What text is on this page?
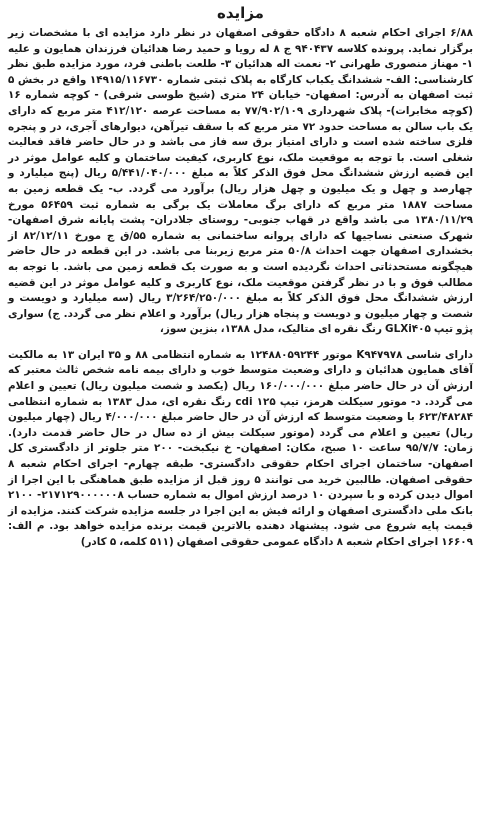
مزایده

۶/۸۸ اجرای احکام شعبه ۸ دادگاه حقوقی اصفهان در نظر دارد مزایده ای با مشخصات زیر برگزار نماید. پرونده کلاسه ۹۴۰۴۳۷ ج ۸ له رویا و حمید رضا هدائیان فرزندان همایون و علیه ۱- مهناز منصوری طهرانی ۲- نعمت اله هدائیان ۳- طلعت باطنی فرد، مورد مزایده طبق نظر کارشناسی: الف- ششدانگ یکباب کارگاه به پلاک ثبتی شماره ۱۴۹۱۵/۱۱۶۷۳۰ واقع در بخش ۵ ثبت اصفهان به آدرس: اصفهان- خیابان ۲۴ متری (شیخ طوسی شرقی) - کوچه شماره ۱۶ (کوچه مخابرات)- پلاک شهرداری ۷۷/۹۰۲/۱۰۹ به مساحت عرصه ۴۱۲/۱۲۰ متر مربع که دارای یک باب سالن به مساحت حدود ۷۲ متر مربع که با سقف تیرآهن، دیوارهای آجری، در و پنجره فلزی ساخته شده است و دارای امتیاز برق سه فاز می باشد و در حال حاضر فاقد فعالیت شغلی است. با توجه به موقعیت ملک، نوع کاربری، کیفیت ساختمان و کلیه عوامل موثر در این قضیه ارزش ششدانگ محل فوق الذکر کلاً به مبلغ ۵/۴۴۱/۰۴۰/۰۰۰ ریال (پنج میلیارد و چهارصد و چهل و یک میلیون و چهل هزار ریال) برآورد می گردد. ب- یک قطعه زمین به مساحت ۱۸۸۷ متر مربع که دارای برگ معاملات یک برگی به شماره ثبت ۵۶۴۵۹ مورخ ۱۳۸۰/۱۱/۲۹ می باشد واقع در قهاب جنوبی- روستای جلادران- پشت پایانه شرق اصفهان- شهرک صنعتی نساجیها که دارای پروانه ساختمانی به شماره ۵۵/ق ج مورخ ۸۲/۱۲/۱۱ از بخشداری اصفهان جهت احداث ۵۰/۸ متر مربع زیربنا می باشد. در این قطعه در حال حاضر هیچگونه مستحدثاتی احداث نگردیده است و به صورت یک قطعه زمین می باشد. با توجه به مطالب فوق و با در نظر گرفتن موقعیت ملک، نوع کاربری و کلیه عوامل موثر در این قضیه ارزش ششدانگ محل فوق الذکر کلاً به مبلغ ۳/۲۶۴/۲۵۰/۰۰۰ ریال (سه میلیارد و دویست و شصت و چهار میلیون و دویست و پنجاه هزار ریال) برآورد و اعلام نظر می گردد. ج) سواری پژو تیپ GLXi۴۰۵ رنگ نقره ای متالیک، مدل ۱۳۸۸، بنزین سوز،

دارای شاسی K۹۴۷۹۷۸ موتور ۱۲۴۸۸۰۵۹۲۴۴ به شماره انتظامی ۸۸ و ۳۵ ایران ۱۳ به مالکیت آقای همایون هدائیان و دارای وضعیت متوسط خوب و دارای بیمه نامه شخص ثالث معتبر که ارزش آن در حال حاضر مبلغ ۱۶۰/۰۰۰/۰۰۰ ریال (یکصد و شصت میلیون ریال) تعیین و اعلام می گردد. د- موتور سیکلت هرمز، تیپ cdi ۱۲۵ رنگ نقره ای، مدل ۱۳۸۳ به شماره انتظامی ۶۲۳/۴۸۲۸۴ با وضعیت متوسط که ارزش آن در حال حاضر مبلغ ۴/۰۰۰/۰۰۰ ریال (چهار میلیون ریال) تعیین و اعلام می گردد (موتور سیکلت بیش از ده سال در حال حاضر قدمت دارد). زمان: ۹۵/۷/۷ ساعت ۱۰ صبح، مکان: اصفهان- خ نیکبخت- ۲۰۰ متر جلوتر از دادگستری کل اصفهان- ساختمان اجرای احکام حقوقی دادگستری- طبقه چهارم- اجرای احکام شعبه ۸ حقوقی اصفهان. طالبین خرید می توانند ۵ روز قبل از مزایده طبق هماهنگی با این اجرا از اموال دیدن کرده و با سپردن ۱۰ درصد ارزش اموال به شماره حساب ۲۱۷۱۲۹۰۰۰۰۰۰۸- ۲۱۰۰ بانک ملی دادگستری اصفهان و ارائه فیش به این اجرا در جلسه مزایده شرکت کنند. مزایده از قیمت پایه شروع می شود. پیشنهاد دهنده بالاترین قیمت برنده مزایده خواهد بود. م الف: ۱۶۶۰۹ اجرای احکام شعبه ۸ دادگاه عمومی حقوقی اصفهان (۵۱۱ کلمه، ۵ کادر)
